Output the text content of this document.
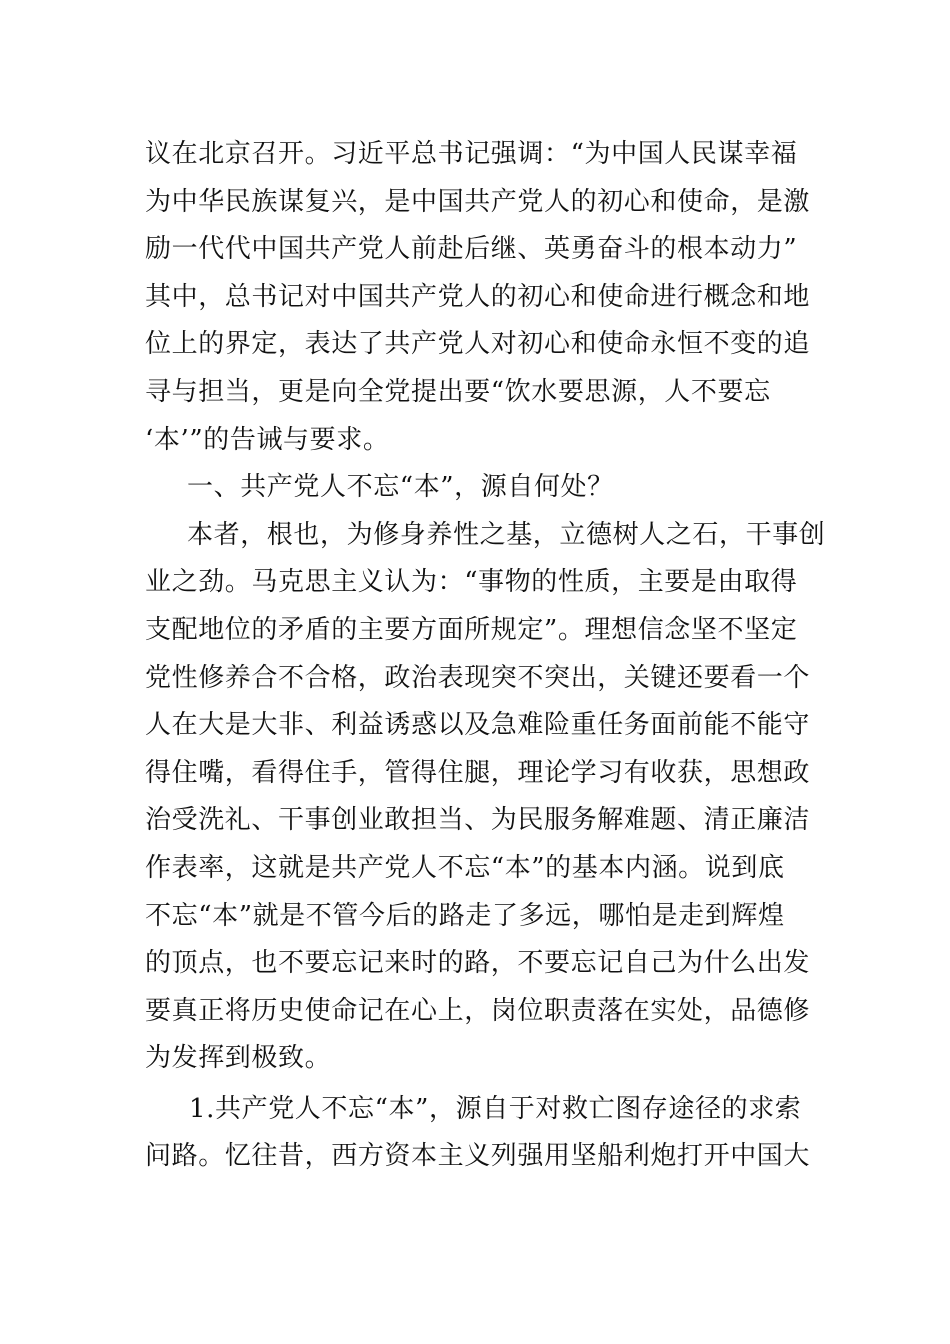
议在北京召开。习近平总书记强调：“为中国人民谋幸福
为中华民族谋复兴，是中国共产党人的初心和使命，是激
励一代代中国共产党人前赴后继、英勇奋斗的根本动力”
其中，总书记对中国共产党人的初心和使命进行概念和地
位上的界定，表达了共产党人对初心和使命永恒不变的追
寻与担当，更是向全党提出要“饮水要思源，人不要忘
‘本’”的告诫与要求。
一、共产党人不忘“本”，源自何处？
本者，根也，为修身养性之基，立德树人之石，干事创
业之劲。马克思主义认为：“事物的性质，主要是由取得
支配地位的矛盾的主要方面所规定”。理想信念坚不坚定
党性修养合不合格，政治表现突不突出，关键还要看一个
人在大是大非、利益诱惑以及急难险重任务面前能不能守
得住嘴，看得住手，管得住腿，理论学习有收获，思想政
治受洗礼、干事创业敢担当、为民服务解难题、清正廉洁
作表率，这就是共产党人不忘“本”的基本内涵。说到底
不忘“本”就是不管今后的路走了多远，哪怕是走到辉煌
的顶点，也不要忘记来时的路，不要忘记自己为什么出发
要真正将历史使命记在心上，岗位职责落在实处，品德修
为发挥到极致。
1.共产党人不忘“本”，源自于对救亡图存途径的求索
问路。忆往昔，西方资本主义列强用坚船利炮打开中国大
